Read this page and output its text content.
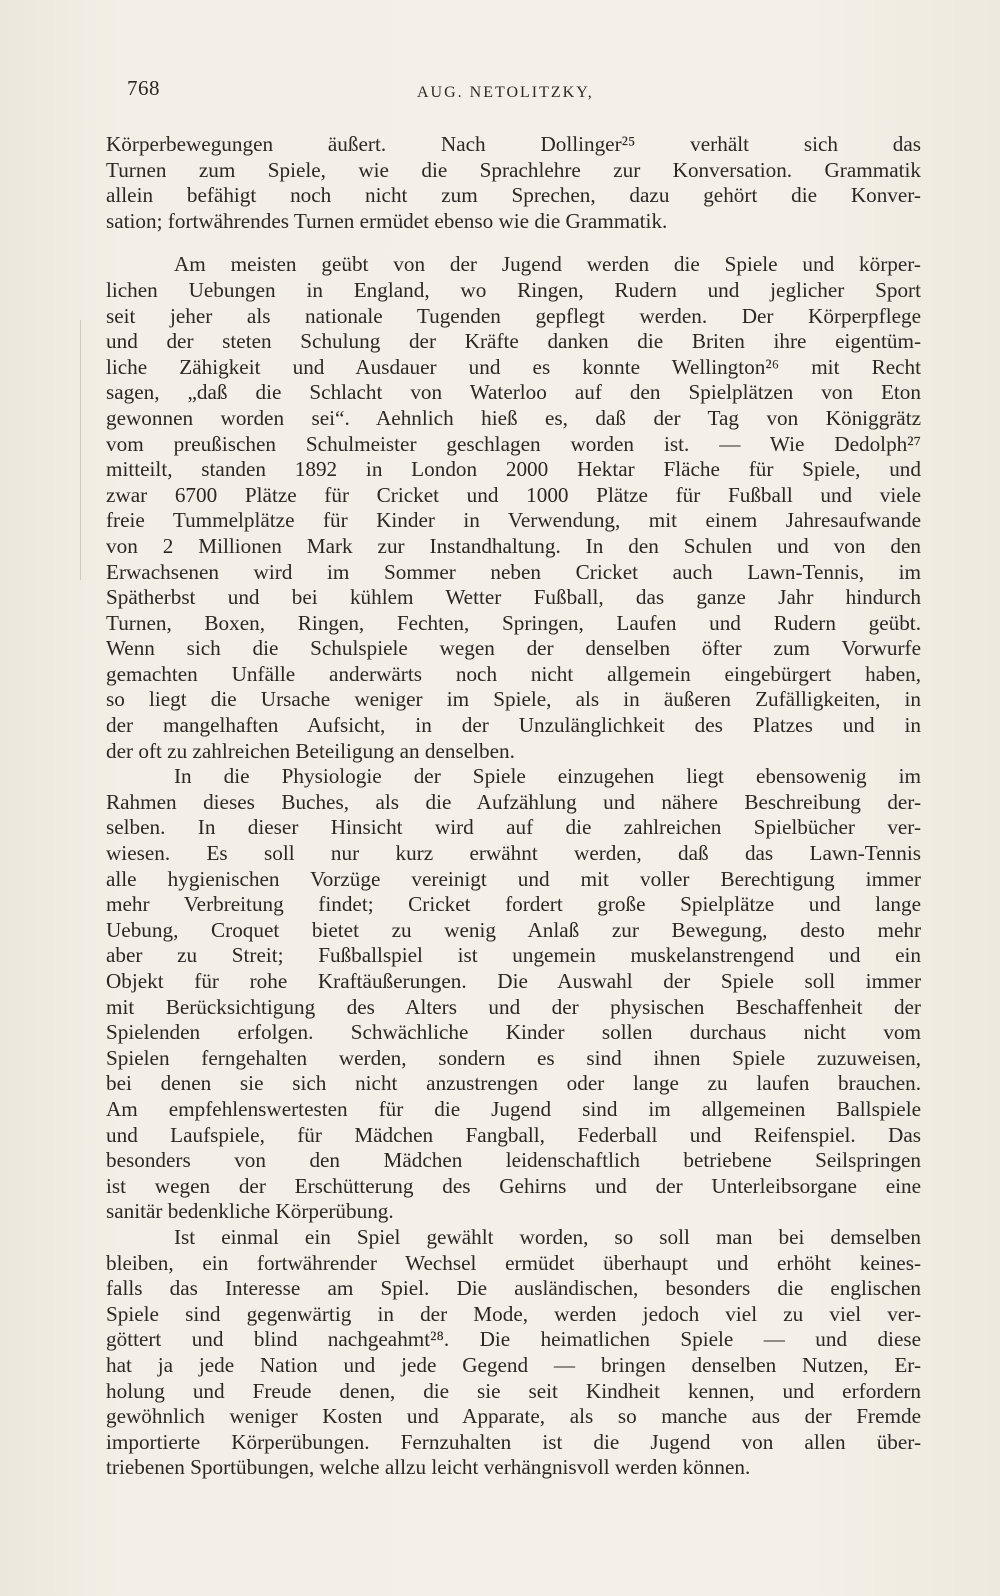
768	AUG. NETOLITZKY,
Körperbewegungen äußert. Nach Dollinger²⁵ verhält sich das
Turnen zum Spiele, wie die Sprachlehre zur Konversation. Grammatik
allein befähigt noch nicht zum Sprechen, dazu gehört die Konver-
sation; fortwährendes Turnen ermüdet ebenso wie die Grammatik.
Am meisten geübt von der Jugend werden die Spiele und körper-
lichen Uebungen in England, wo Ringen, Rudern und jeglicher Sport
seit jeher als nationale Tugenden gepflegt werden. Der Körperpflege
und der steten Schulung der Kräfte danken die Briten ihre eigentüm-
liche Zähigkeit und Ausdauer und es konnte Wellington²⁶ mit Recht
sagen, „daß die Schlacht von Waterloo auf den Spielplätzen von Eton
gewonnen worden sei“. Aehnlich hieß es, daß der Tag von Königgrätz
vom preußischen Schulmeister geschlagen worden ist. — Wie Dedolph²⁷
mitteilt, standen 1892 in London 2000 Hektar Fläche für Spiele, und
zwar 6700 Plätze für Cricket und 1000 Plätze für Fußball und viele
freie Tummelplätze für Kinder in Verwendung, mit einem Jahresaufwande
von 2 Millionen Mark zur Instandhaltung. In den Schulen und von den
Erwachsenen wird im Sommer neben Cricket auch Lawn-Tennis, im
Spätherbst und bei kühlem Wetter Fußball, das ganze Jahr hindurch
Turnen, Boxen, Ringen, Fechten, Springen, Laufen und Rudern geübt.
Wenn sich die Schulspiele wegen der denselben öfter zum Vorwurfe
gemachten Unfälle anderwärts noch nicht allgemein eingebürgert haben,
so liegt die Ursache weniger im Spiele, als in äußeren Zufälligkeiten, in
der mangelhaften Aufsicht, in der Unzulänglichkeit des Platzes und in
der oft zu zahlreichen Beteiligung an denselben.
In die Physiologie der Spiele einzugehen liegt ebensowenig im
Rahmen dieses Buches, als die Aufzählung und nähere Beschreibung der-
selben. In dieser Hinsicht wird auf die zahlreichen Spielbücher ver-
wiesen. Es soll nur kurz erwähnt werden, daß das Lawn-Tennis
alle hygienischen Vorzüge vereinigt und mit voller Berechtigung immer
mehr Verbreitung findet; Cricket fordert große Spielplätze und lange
Uebung, Croquet bietet zu wenig Anlaß zur Bewegung, desto mehr
aber zu Streit; Fußballspiel ist ungemein muskelanstrengend und ein
Objekt für rohe Kraftäußerungen. Die Auswahl der Spiele soll immer
mit Berücksichtigung des Alters und der physischen Beschaffenheit der
Spielenden erfolgen. Schwächliche Kinder sollen durchaus nicht vom
Spielen ferngehalten werden, sondern es sind ihnen Spiele zuzuweisen,
bei denen sie sich nicht anzustrengen oder lange zu laufen brauchen.
Am empfehlenswertesten für die Jugend sind im allgemeinen Ballspiele
und Laufspiele, für Mädchen Fangball, Federball und Reifenspiel. Das
besonders von den Mädchen leidenschaftlich betriebene Seilspringen
ist wegen der Erschütterung des Gehirns und der Unterleibsorgane eine
sanitär bedenkliche Körperübung.
Ist einmal ein Spiel gewählt worden, so soll man bei demselben
bleiben, ein fortwährender Wechsel ermüdet überhaupt und erhöht keines-
falls das Interesse am Spiel. Die ausländischen, besonders die englischen
Spiele sind gegenwärtig in der Mode, werden jedoch viel zu viel ver-
göttert und blind nachgeahmt²⁸. Die heimatlichen Spiele — und diese
hat ja jede Nation und jede Gegend — bringen denselben Nutzen, Er-
holung und Freude denen, die sie seit Kindheit kennen, und erfordern
gewöhnlich weniger Kosten und Apparate, als so manche aus der Fremde
importierte Körperübungen. Fernzuhalten ist die Jugend von allen über-
triebenen Sportübungen, welche allzu leicht verhängnisvoll werden können.
